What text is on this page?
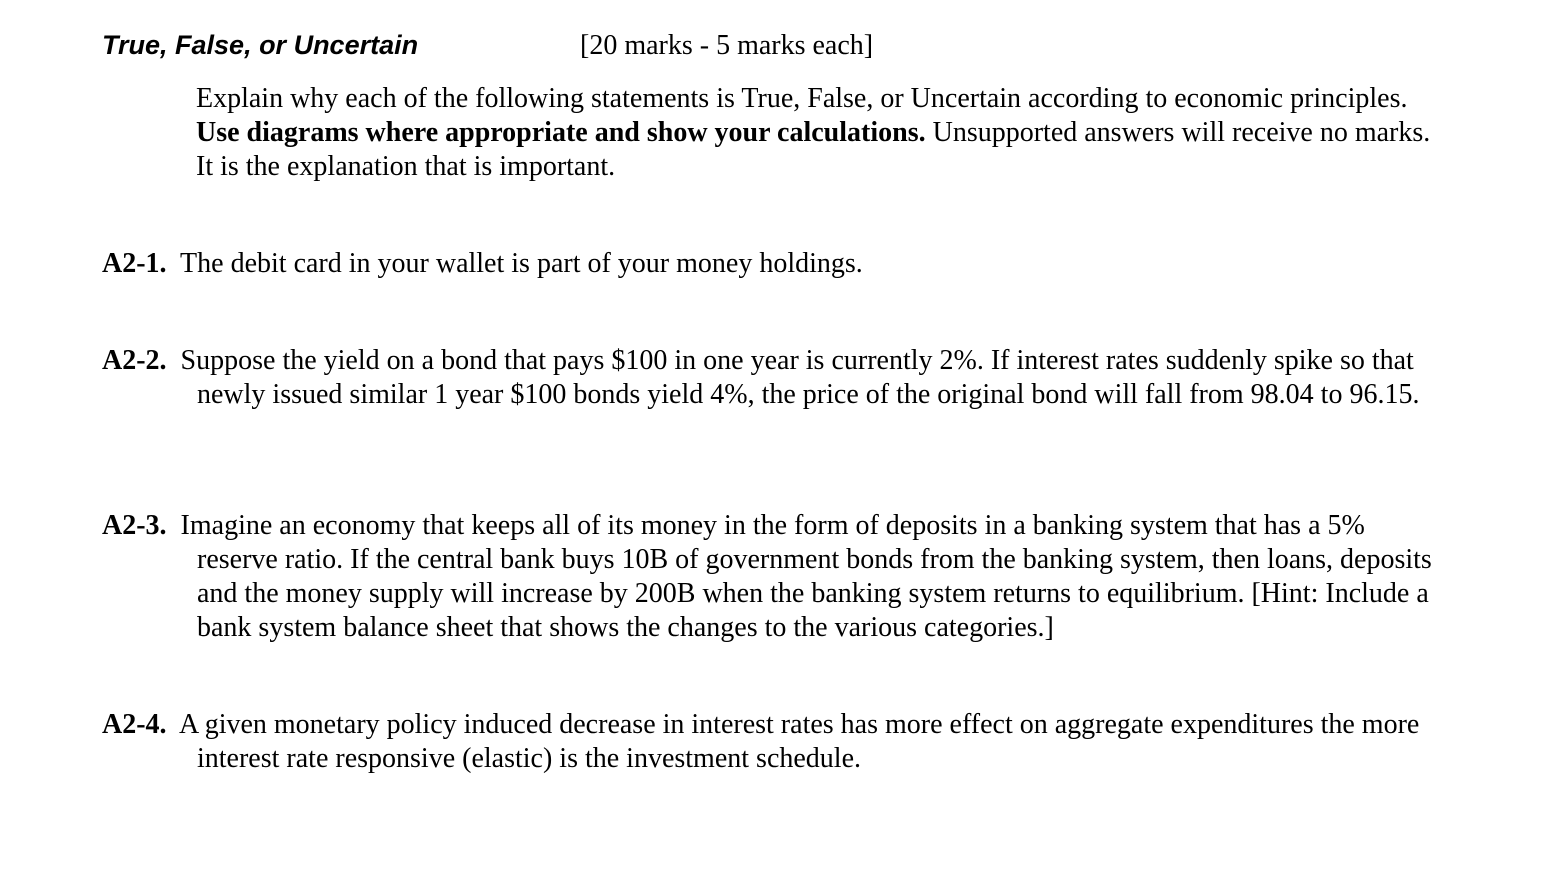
True, False, or Uncertain	[20 marks - 5 marks each]
Explain why each of the following statements is True, False, or Uncertain according to economic principles. Use diagrams where appropriate and show your calculations. Unsupported answers will receive no marks. It is the explanation that is important.
A2-1. The debit card in your wallet is part of your money holdings.
A2-2. Suppose the yield on a bond that pays $100 in one year is currently 2%. If interest rates suddenly spike so that newly issued similar 1 year $100 bonds yield 4%, the price of the original bond will fall from 98.04 to 96.15.
A2-3. Imagine an economy that keeps all of its money in the form of deposits in a banking system that has a 5% reserve ratio. If the central bank buys 10B of government bonds from the banking system, then loans, deposits and the money supply will increase by 200B when the banking system returns to equilibrium. [Hint: Include a bank system balance sheet that shows the changes to the various categories.]
A2-4. A given monetary policy induced decrease in interest rates has more effect on aggregate expenditures the more interest rate responsive (elastic) is the investment schedule.
